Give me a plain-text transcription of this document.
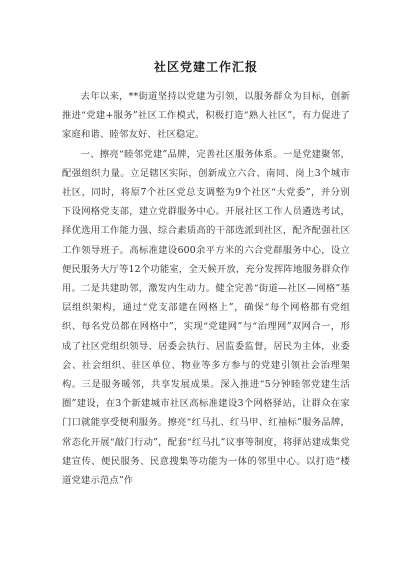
社区党建工作汇报

去年以来，**街道坚持以党建为引领，以服务群众为目标，创新推进“党建+服务”社区工作模式，积极打造“熟人社区”，有力促进了家庭和谐、睦邻友好、社区稳定。

一、擦亮“睦邻党建”品牌，完善社区服务体系。一是党建聚邻，配强组织力量。立足辖区实际，创新成立六合、南同、岗上3个城市社区，同时，将原7个社区党总支调整为9个社区“大党委”，并分别下设网格党支部，建立党群服务中心。开展社区工作人员遴选考试，择优选用工作能力强、综合素质高的干部选派到社区，配齐配强社区工作领导班子。高标准建设600余平方米的六合党群服务中心，设立便民服务大厅等12个功能室，全天候开放，充分发挥阵地服务群众作用。二是共建助邻，激发内生动力。健全完善“街道—社区—网格”基层组织架构，通过“党支部建在网格上”，确保“每个网格都有党组织、每名党员都在网格中”，实现“党建网”与“治理网”双网合一，形成了社区党组织领导、居委会执行、居监委监督，居民为主体，业委会、社会组织、驻区单位、物业等多方参与的党建引领社会治理架构。三是服务暖邻，共享发展成果。深入推进“5分钟睦邻党建生活圈”建设，在3个新建城市社区高标准建设3个网格驿站，让群众在家门口就能享受便利服务。擦亮“红马扎、红马甲、红袖标”服务品牌，常态化开展“敲门行动”，配套“红马扎”议事等制度，将驿站建成集党建宣传、便民服务、民意搜集等功能为一体的邻里中心。以打造“楼道党建示范点”作
